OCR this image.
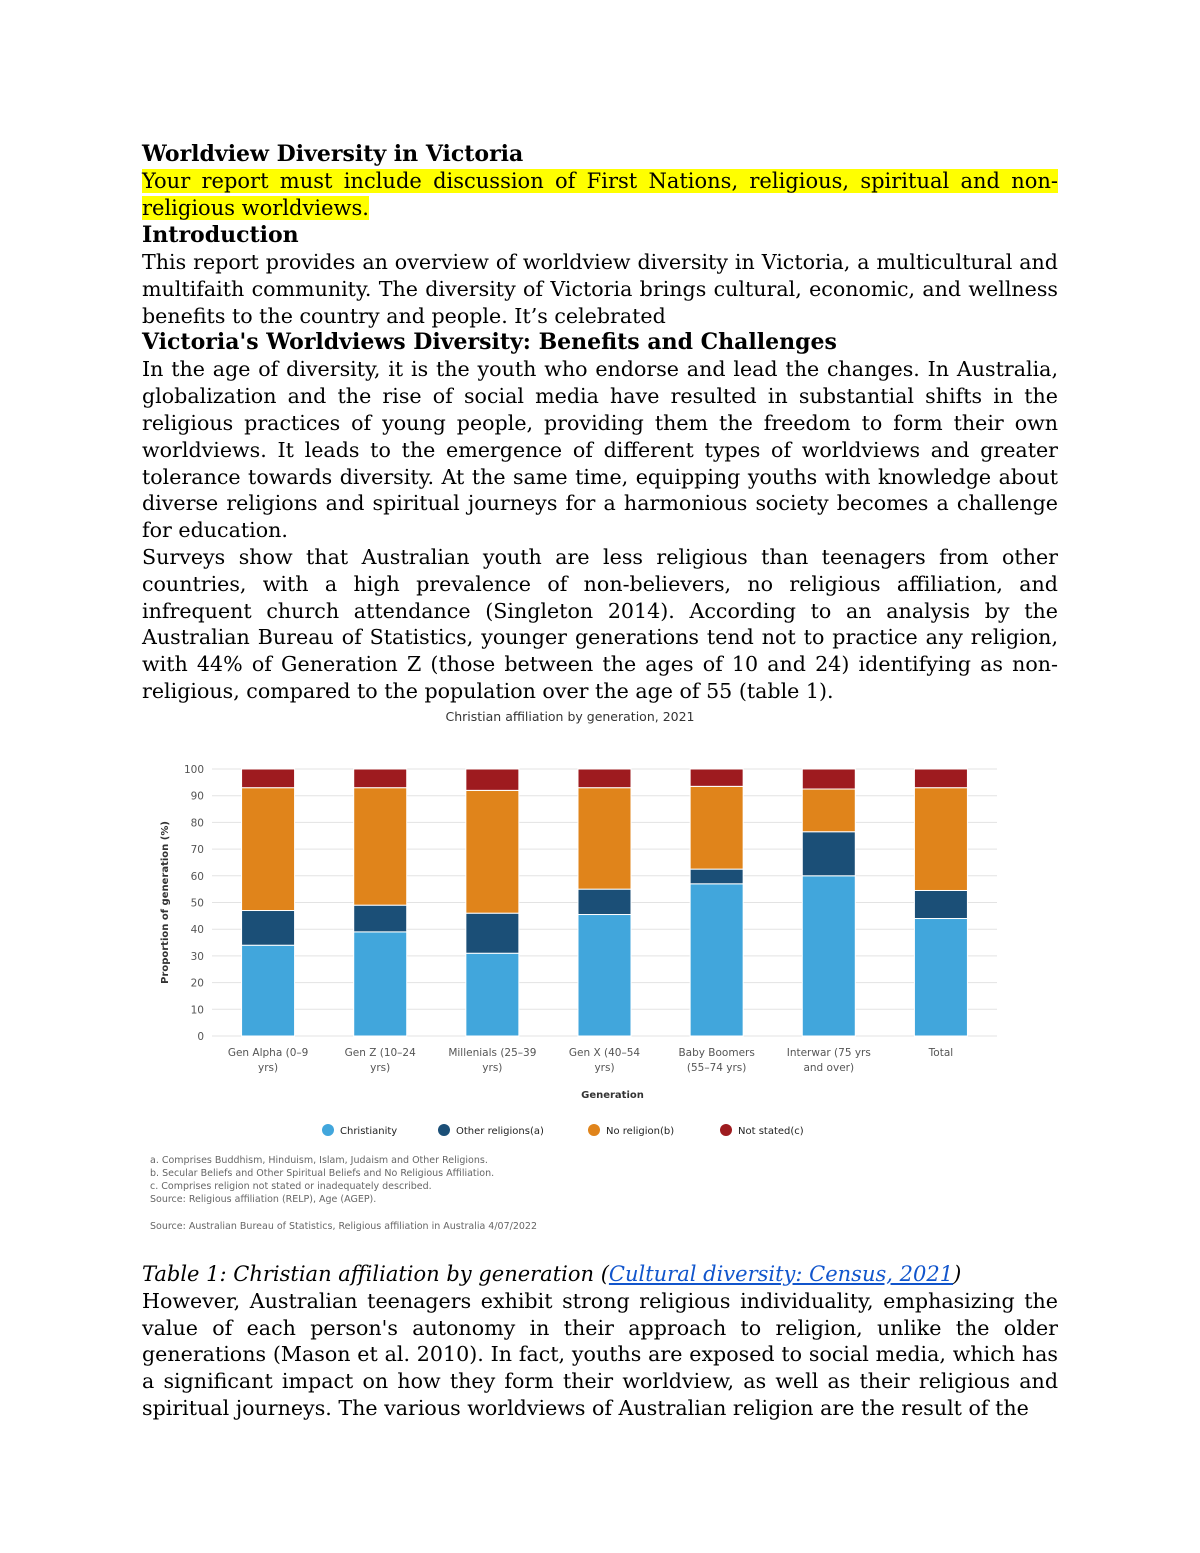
Worldview Diversity in Victoria
Your report must include discussion of First Nations, religious, spiritual and non-religious worldviews.
Introduction

This report provides an overview of worldview diversity in Victoria, a multicultural and multifaith community. The diversity of Victoria brings cultural, economic, and wellness benefits to the country and people. It’s celebrated

Victoria's Worldviews Diversity: Benefits and Challenges

In the age of diversity, it is the youth who endorse and lead the changes. In Australia, globalization and the rise of social media have resulted in substantial shifts in the religious practices of young people, providing them the freedom to form their own worldviews. It leads to the emergence of different types of worldviews and greater tolerance towards diversity. At the same time, equipping youths with knowledge about diverse religions and spiritual journeys for a harmonious society becomes a challenge for education.

Surveys show that Australian youth are less religious than teenagers from other countries, with a high prevalence of non-believers, no religious affiliation, and infrequent church attendance (Singleton 2014). According to an analysis by the Australian Bureau of Statistics, younger generations tend not to practice any religion, with 44% of Generation Z (those between the ages of 10 and 24) identifying as non-religious, compared to the population over the age of 55 (table 1).

Christian affiliation by generation, 2021
0
10
20
30
40
50
60
70
80
90
100
Proportion of generation (%)
Gen Alpha (0–9
yrs)
Gen Z (10–24
yrs)
Millenials (25–39
yrs)
Gen X (40–54
yrs)
Baby Boomers
(55–74 yrs)
Interwar (75 yrs
and over)
Total
Generation
Christianity	Other religions(a)	No religion(b)	Not stated(c)
a. Comprises Buddhism, Hinduism, Islam, Judaism and Other Religions.
b. Secular Beliefs and Other Spiritual Beliefs and No Religious Affiliation.
c. Comprises religion not stated or inadequately described.
Source: Religious affiliation (RELP), Age (AGEP).
Source: Australian Bureau of Statistics, Religious affiliation in Australia 4/07/2022
Table 1: Christian affiliation by generation (Cultural diversity: Census, 2021)

However, Australian teenagers exhibit strong religious individuality, emphasizing the value of each person's autonomy in their approach to religion, unlike the older generations (Mason et al. 2010). In fact, youths are exposed to social media, which has a significant impact on how they form their worldview, as well as their religious and spiritual journeys. The various worldviews of Australian religion are the result of the
